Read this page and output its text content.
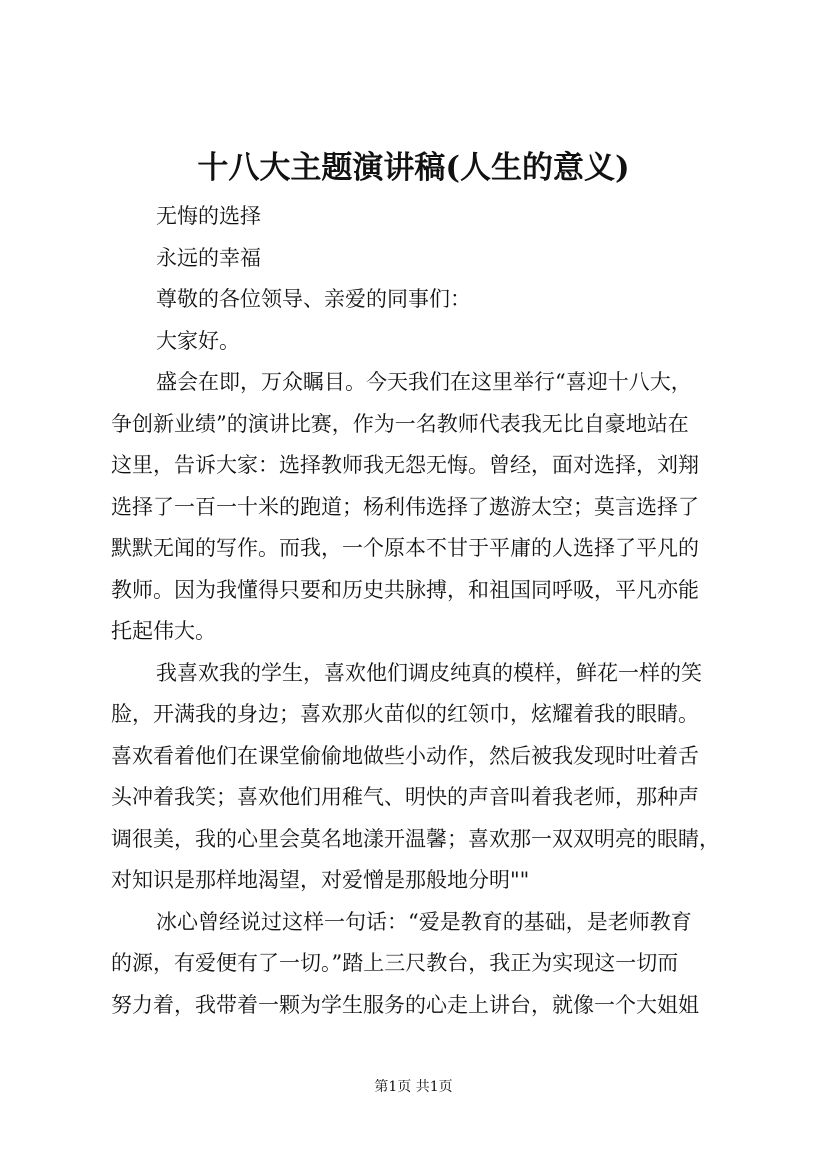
十八大主题演讲稿(人生的意义)
无悔的选择
永远的幸福
尊敬的各位领导、亲爱的同事们：
大家好。
盛会在即，万众瞩目。今天我们在这里举行“喜迎十八大，
争创新业绩”的演讲比赛，作为一名教师代表我无比自豪地站在
这里，告诉大家：选择教师我无怨无悔。曾经，面对选择，刘翔
选择了一百一十米的跑道；杨利伟选择了遨游太空；莫言选择了
默默无闻的写作。而我，一个原本不甘于平庸的人选择了平凡的
教师。因为我懂得只要和历史共脉搏，和祖国同呼吸，平凡亦能
托起伟大。
我喜欢我的学生，喜欢他们调皮纯真的模样，鲜花一样的笑
脸，开满我的身边；喜欢那火苗似的红领巾，炫耀着我的眼睛。
喜欢看着他们在课堂偷偷地做些小动作，然后被我发现时吐着舌
头冲着我笑；喜欢他们用稚气、明快的声音叫着我老师，那种声
调很美，我的心里会莫名地漾开温馨；喜欢那一双双明亮的眼睛，
对知识是那样地渴望，对爱憎是那般地分明""
冰心曾经说过这样一句话：“爱是教育的基础，是老师教育
的源，有爱便有了一切。”踏上三尺教台，我正为实现这一切而
努力着，我带着一颗为学生服务的心走上讲台，就像一个大姐姐
第1页 共1页
